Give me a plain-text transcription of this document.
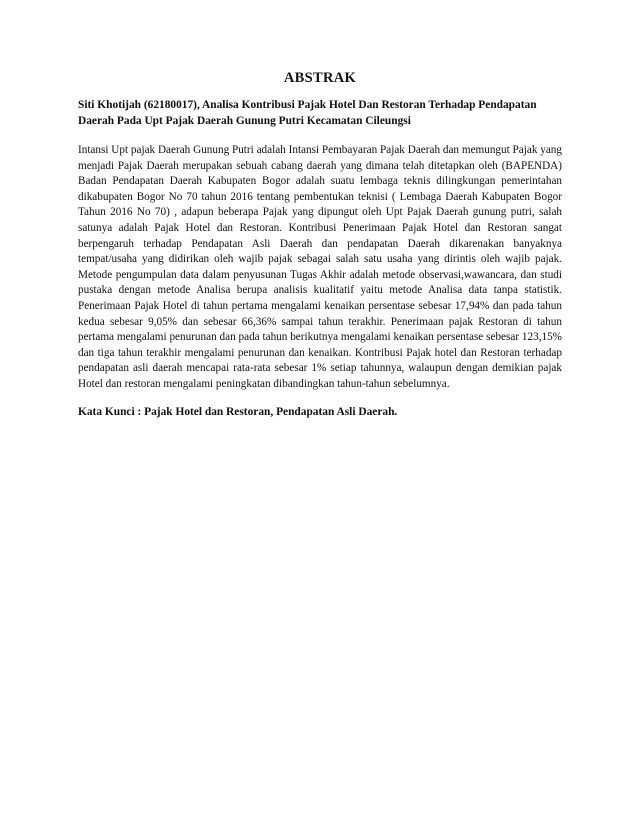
ABSTRAK

Siti Khotijah (62180017), Analisa Kontribusi Pajak Hotel Dan Restoran Terhadap Pendapatan Daerah Pada Upt Pajak Daerah Gunung Putri Kecamatan Cileungsi

Intansi Upt pajak Daerah Gunung Putri adalah Intansi Pembayaran Pajak Daerah dan memungut Pajak yang menjadi Pajak Daerah merupakan sebuah cabang daerah yang dimana telah ditetapkan oleh (BAPENDA) Badan Pendapatan Daerah Kabupaten Bogor adalah suatu lembaga teknis dilingkungan pemerintahan dikabupaten Bogor No 70 tahun 2016 tentang pembentukan teknisi ( Lembaga Daerah Kabupaten Bogor Tahun 2016 No 70) , adapun beberapa Pajak yang dipungut oleh Upt Pajak Daerah gunung putri, salah satunya adalah Pajak Hotel dan Restoran. Kontribusi Penerimaan Pajak Hotel dan Restoran sangat berpengaruh terhadap Pendapatan Asli Daerah dan pendapatan Daerah dikarenakan banyaknya tempat/usaha yang didirikan oleh wajib pajak sebagai salah satu usaha yang dirintis oleh wajib pajak. Metode pengumpulan data dalam penyusunan Tugas Akhir adalah metode observasi,wawancara, dan studi pustaka dengan metode Analisa berupa analisis kualitatif yaitu metode Analisa data tanpa statistik. Penerimaan Pajak Hotel di tahun pertama mengalami kenaikan persentase sebesar 17,94% dan pada tahun kedua sebesar 9,05% dan sebesar 66,36% sampai tahun terakhir. Penerimaan pajak Restoran di tahun pertama mengalami penurunan dan pada tahun berikutnya mengalami kenaikan persentase sebesar 123,15% dan tiga tahun terakhir mengalami penurunan dan kenaikan. Kontribusi Pajak hotel dan Restoran terhadap pendapatan asli daerah mencapai rata-rata sebesar 1% setiap tahunnya, walaupun dengan demikian pajak Hotel dan restoran mengalami peningkatan dibandingkan tahun-tahun sebelumnya.

Kata Kunci : Pajak Hotel dan Restoran, Pendapatan Asli Daerah.
